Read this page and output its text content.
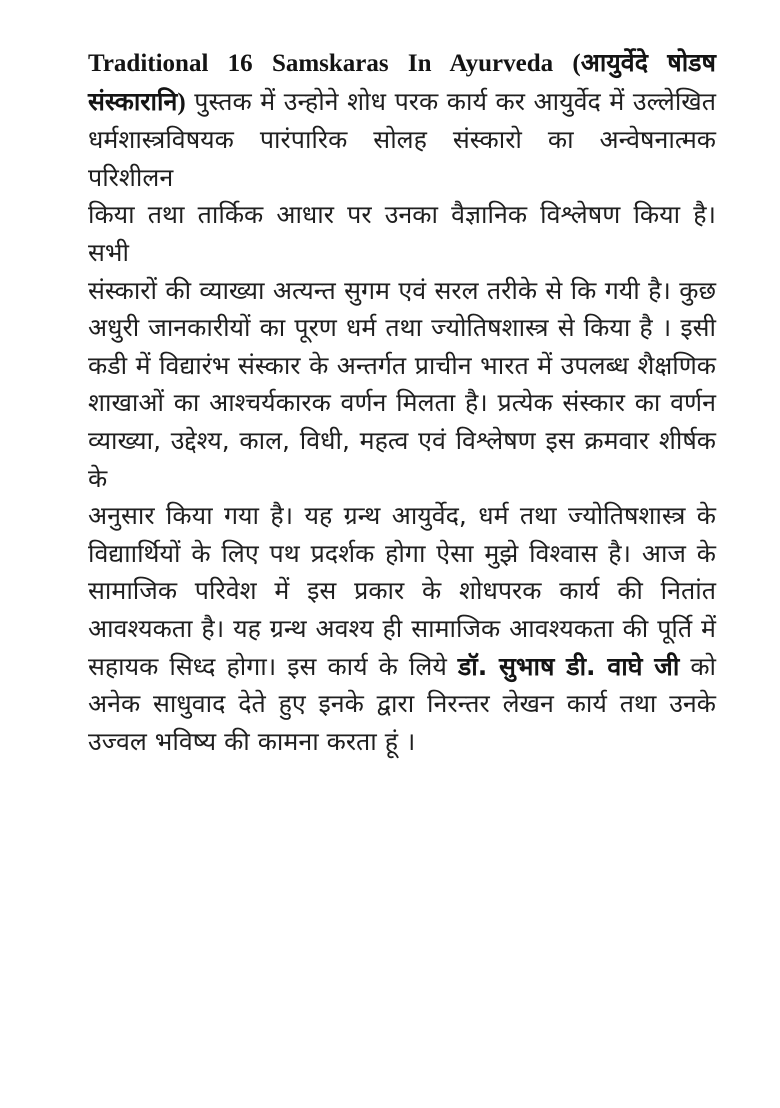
Traditional 16 Samskaras In Ayurveda (आयुर्वेदे षोडष
संस्कारानि) पुस्तक में उन्होने शोध परक कार्य कर आयुर्वेद में उल्लेखित
धर्मशास्त्रविषयक पारंपारिक सोलह संस्कारो का अन्वेषनात्मक परिशीलन
किया तथा तार्किक आधार पर उनका वैज्ञानिक विश्लेषण किया है। सभी
संस्कारों की व्याख्या अत्यन्त सुगम एवं सरल तरीके से कि गयी है। कुछ
अधुरी जानकारीयों का पूरण धर्म तथा ज्योतिषशास्त्र से किया है । इसी
कडी में विद्यारंभ संस्कार के अन्तर्गत प्राचीन भारत में उपलब्ध शैक्षणिक
शाखाओं का आश्चर्यकारक वर्णन मिलता है। प्रत्येक संस्कार का वर्णन
व्याख्या, उद्देश्य, काल, विधी, महत्व एवं विश्लेषण इस क्रमवार शीर्षक के
अनुसार किया गया है। यह ग्रन्थ आयुर्वेद, धर्म तथा ज्योतिषशास्त्र के
विद्याार्थियों के लिए पथ प्रदर्शक होगा ऐसा मुझे विश्वास है। आज के
सामाजिक परिवेश में इस प्रकार के शोधपरक कार्य की नितांत
आवश्यकता है। यह ग्रन्थ अवश्य ही सामाजिक आवश्यकता की पूर्ति में
सहायक सिध्द होगा। इस कार्य के लिये डॉ. सुभाष डी. वाघे जी को
अनेक साधुवाद देते हुए इनके द्वारा निरन्तर लेखन कार्य तथा उनके
उज्वल भविष्य की कामना करता हूं ।
